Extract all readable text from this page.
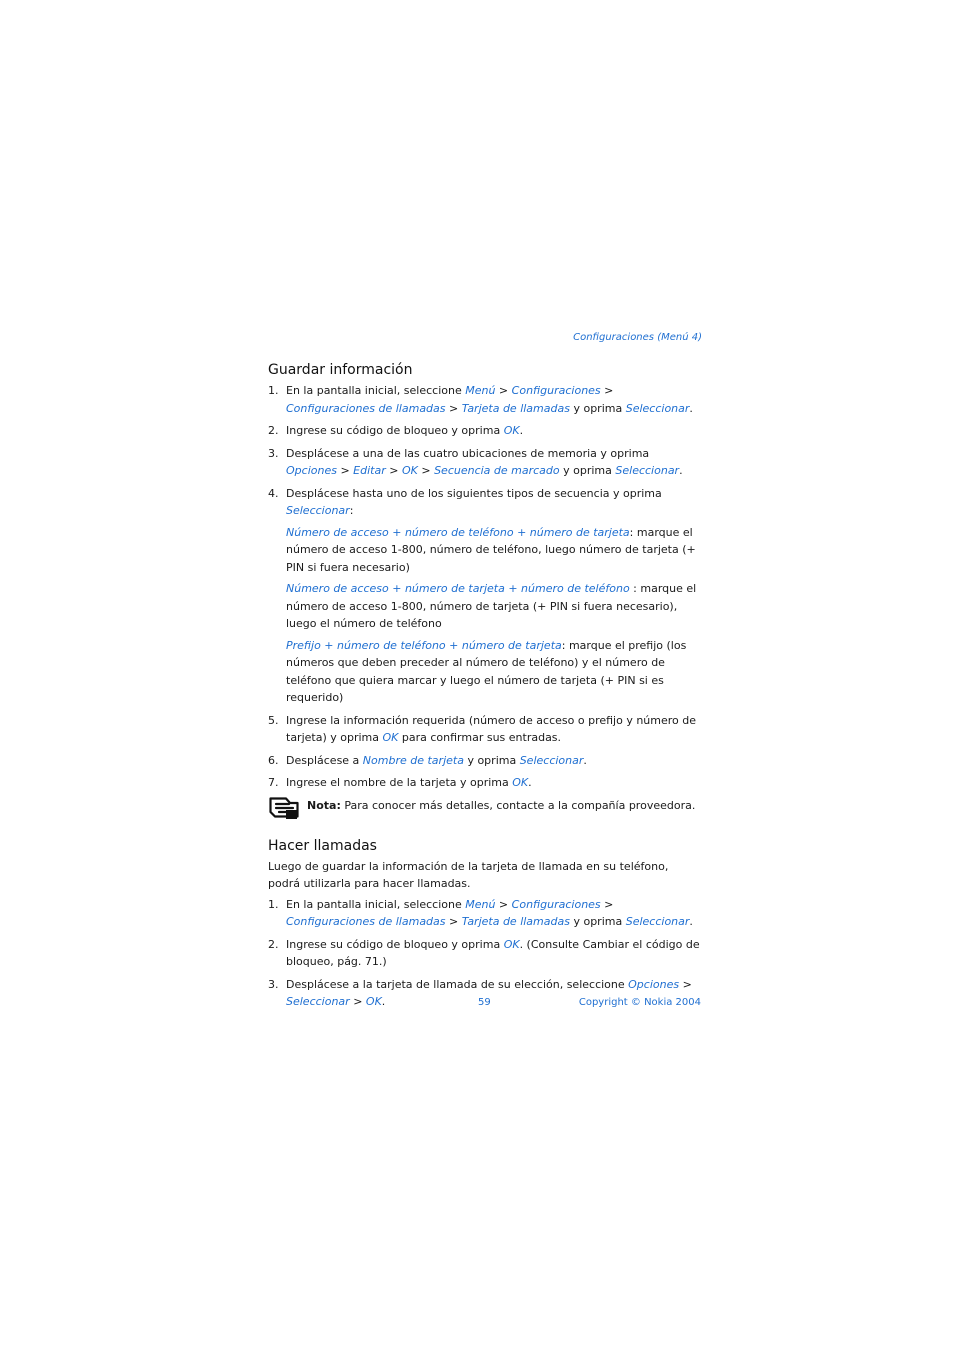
Configuraciones (Menú 4)
Guardar información
1. En la pantalla inicial, seleccione Menú > Configuraciones > Configuraciones de llamadas > Tarjeta de llamadas y oprima Seleccionar.
2. Ingrese su código de bloqueo y oprima OK.
3. Desplácese a una de las cuatro ubicaciones de memoria y oprima Opciones > Editar > OK > Secuencia de marcado y oprima Seleccionar.
4. Desplácese hasta uno de los siguientes tipos de secuencia y oprima Seleccionar:
Número de acceso + número de teléfono + número de tarjeta: marque el número de acceso 1-800, número de teléfono, luego número de tarjeta (+ PIN si fuera necesario)
Número de acceso + número de tarjeta + número de teléfono : marque el número de acceso 1-800, número de tarjeta (+ PIN si fuera necesario), luego el número de teléfono
Prefijo + número de teléfono + número de tarjeta: marque el prefijo (los números que deben preceder al número de teléfono) y el número de teléfono que quiera marcar y luego el número de tarjeta (+ PIN si es requerido)
5. Ingrese la información requerida (número de acceso o prefijo y número de tarjeta) y oprima OK para confirmar sus entradas.
6. Desplácese a Nombre de tarjeta y oprima Seleccionar.
7. Ingrese el nombre de la tarjeta y oprima OK.
Nota: Para conocer más detalles, contacte a la compañía proveedora.
Hacer llamadas

Luego de guardar la información de la tarjeta de llamada en su teléfono, podrá utilizarla para hacer llamadas.

1. En la pantalla inicial, seleccione Menú > Configuraciones > Configuraciones de llamadas > Tarjeta de llamadas y oprima Seleccionar.
2. Ingrese su código de bloqueo y oprima OK. (Consulte Cambiar el código de bloqueo, pág. 71.)
3. Desplácese a la tarjeta de llamada de su elección, seleccione Opciones > Seleccionar > OK.	59	Copyright © Nokia 2004
